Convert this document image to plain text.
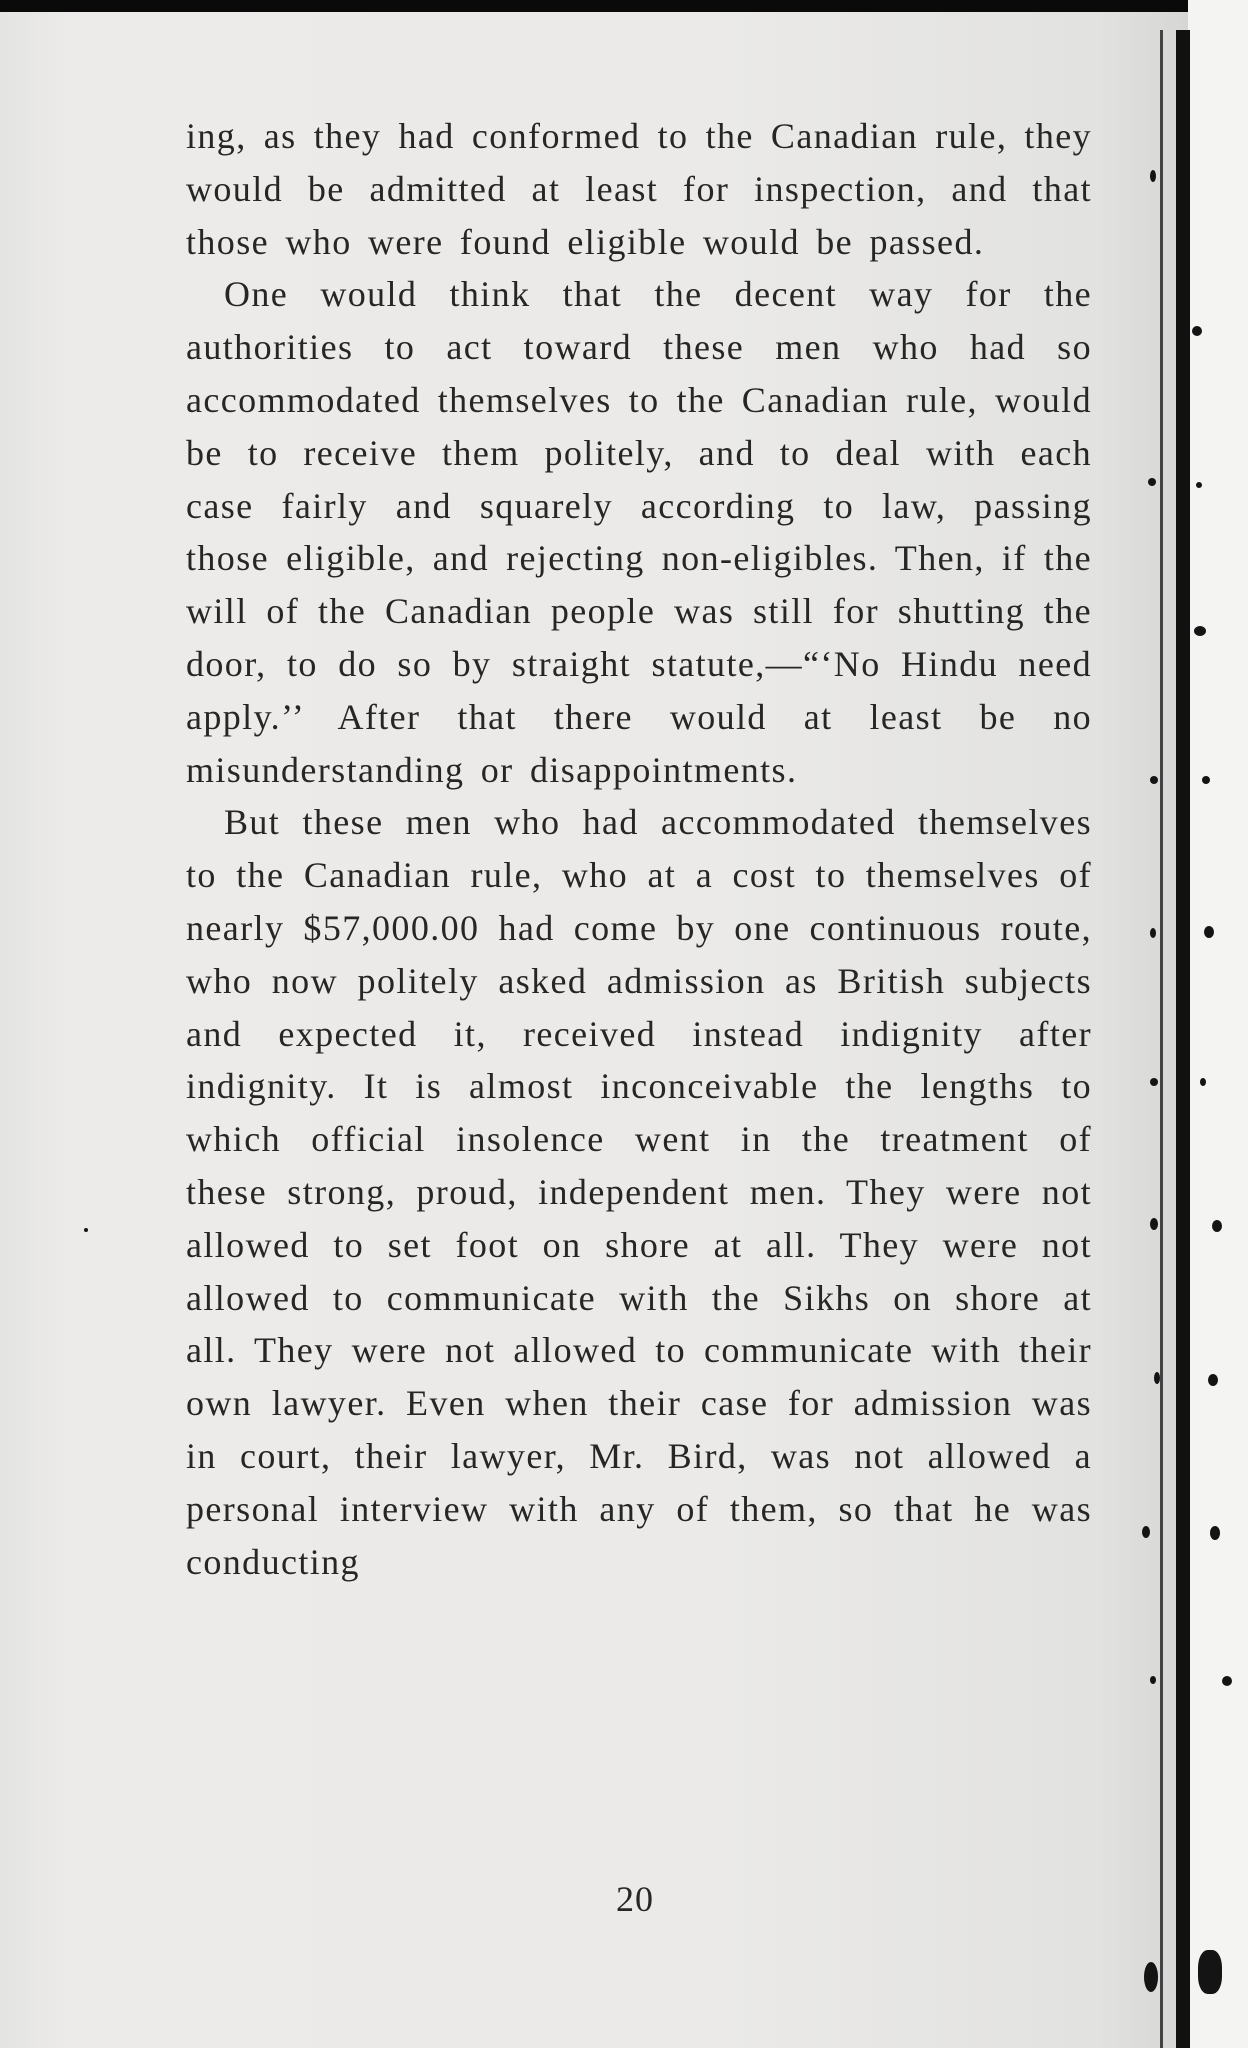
ing, as they had conformed to the Canadian rule, they would be admitted at least for inspection, and that those who were found eligible would be passed.

One would think that the decent way for the authorities to act toward these men who had so accommodated themselves to the Canadian rule, would be to receive them politely, and to deal with each case fairly and squarely according to law, passing those eligible, and rejecting non-eligibles. Then, if the will of the Canadian people was still for shutting the door, to do so by straight statute,—“‘No Hindu need apply.’’ After that there would at least be no misunderstanding or disappointments.

But these men who had accommodated themselves to the Canadian rule, who at a cost to themselves of nearly $57,000.00 had come by one continuous route, who now politely asked admission as British subjects and expected it, received instead indignity after indignity. It is almost inconceivable the lengths to which official insolence went in the treatment of these strong, proud, independent men. They were not allowed to set foot on shore at all. They were not allowed to communicate with the Sikhs on shore at all. They were not allowed to communicate with their own lawyer. Even when their case for admission was in court, their lawyer, Mr. Bird, was not allowed a personal interview with any of them, so that he was conducting

20
